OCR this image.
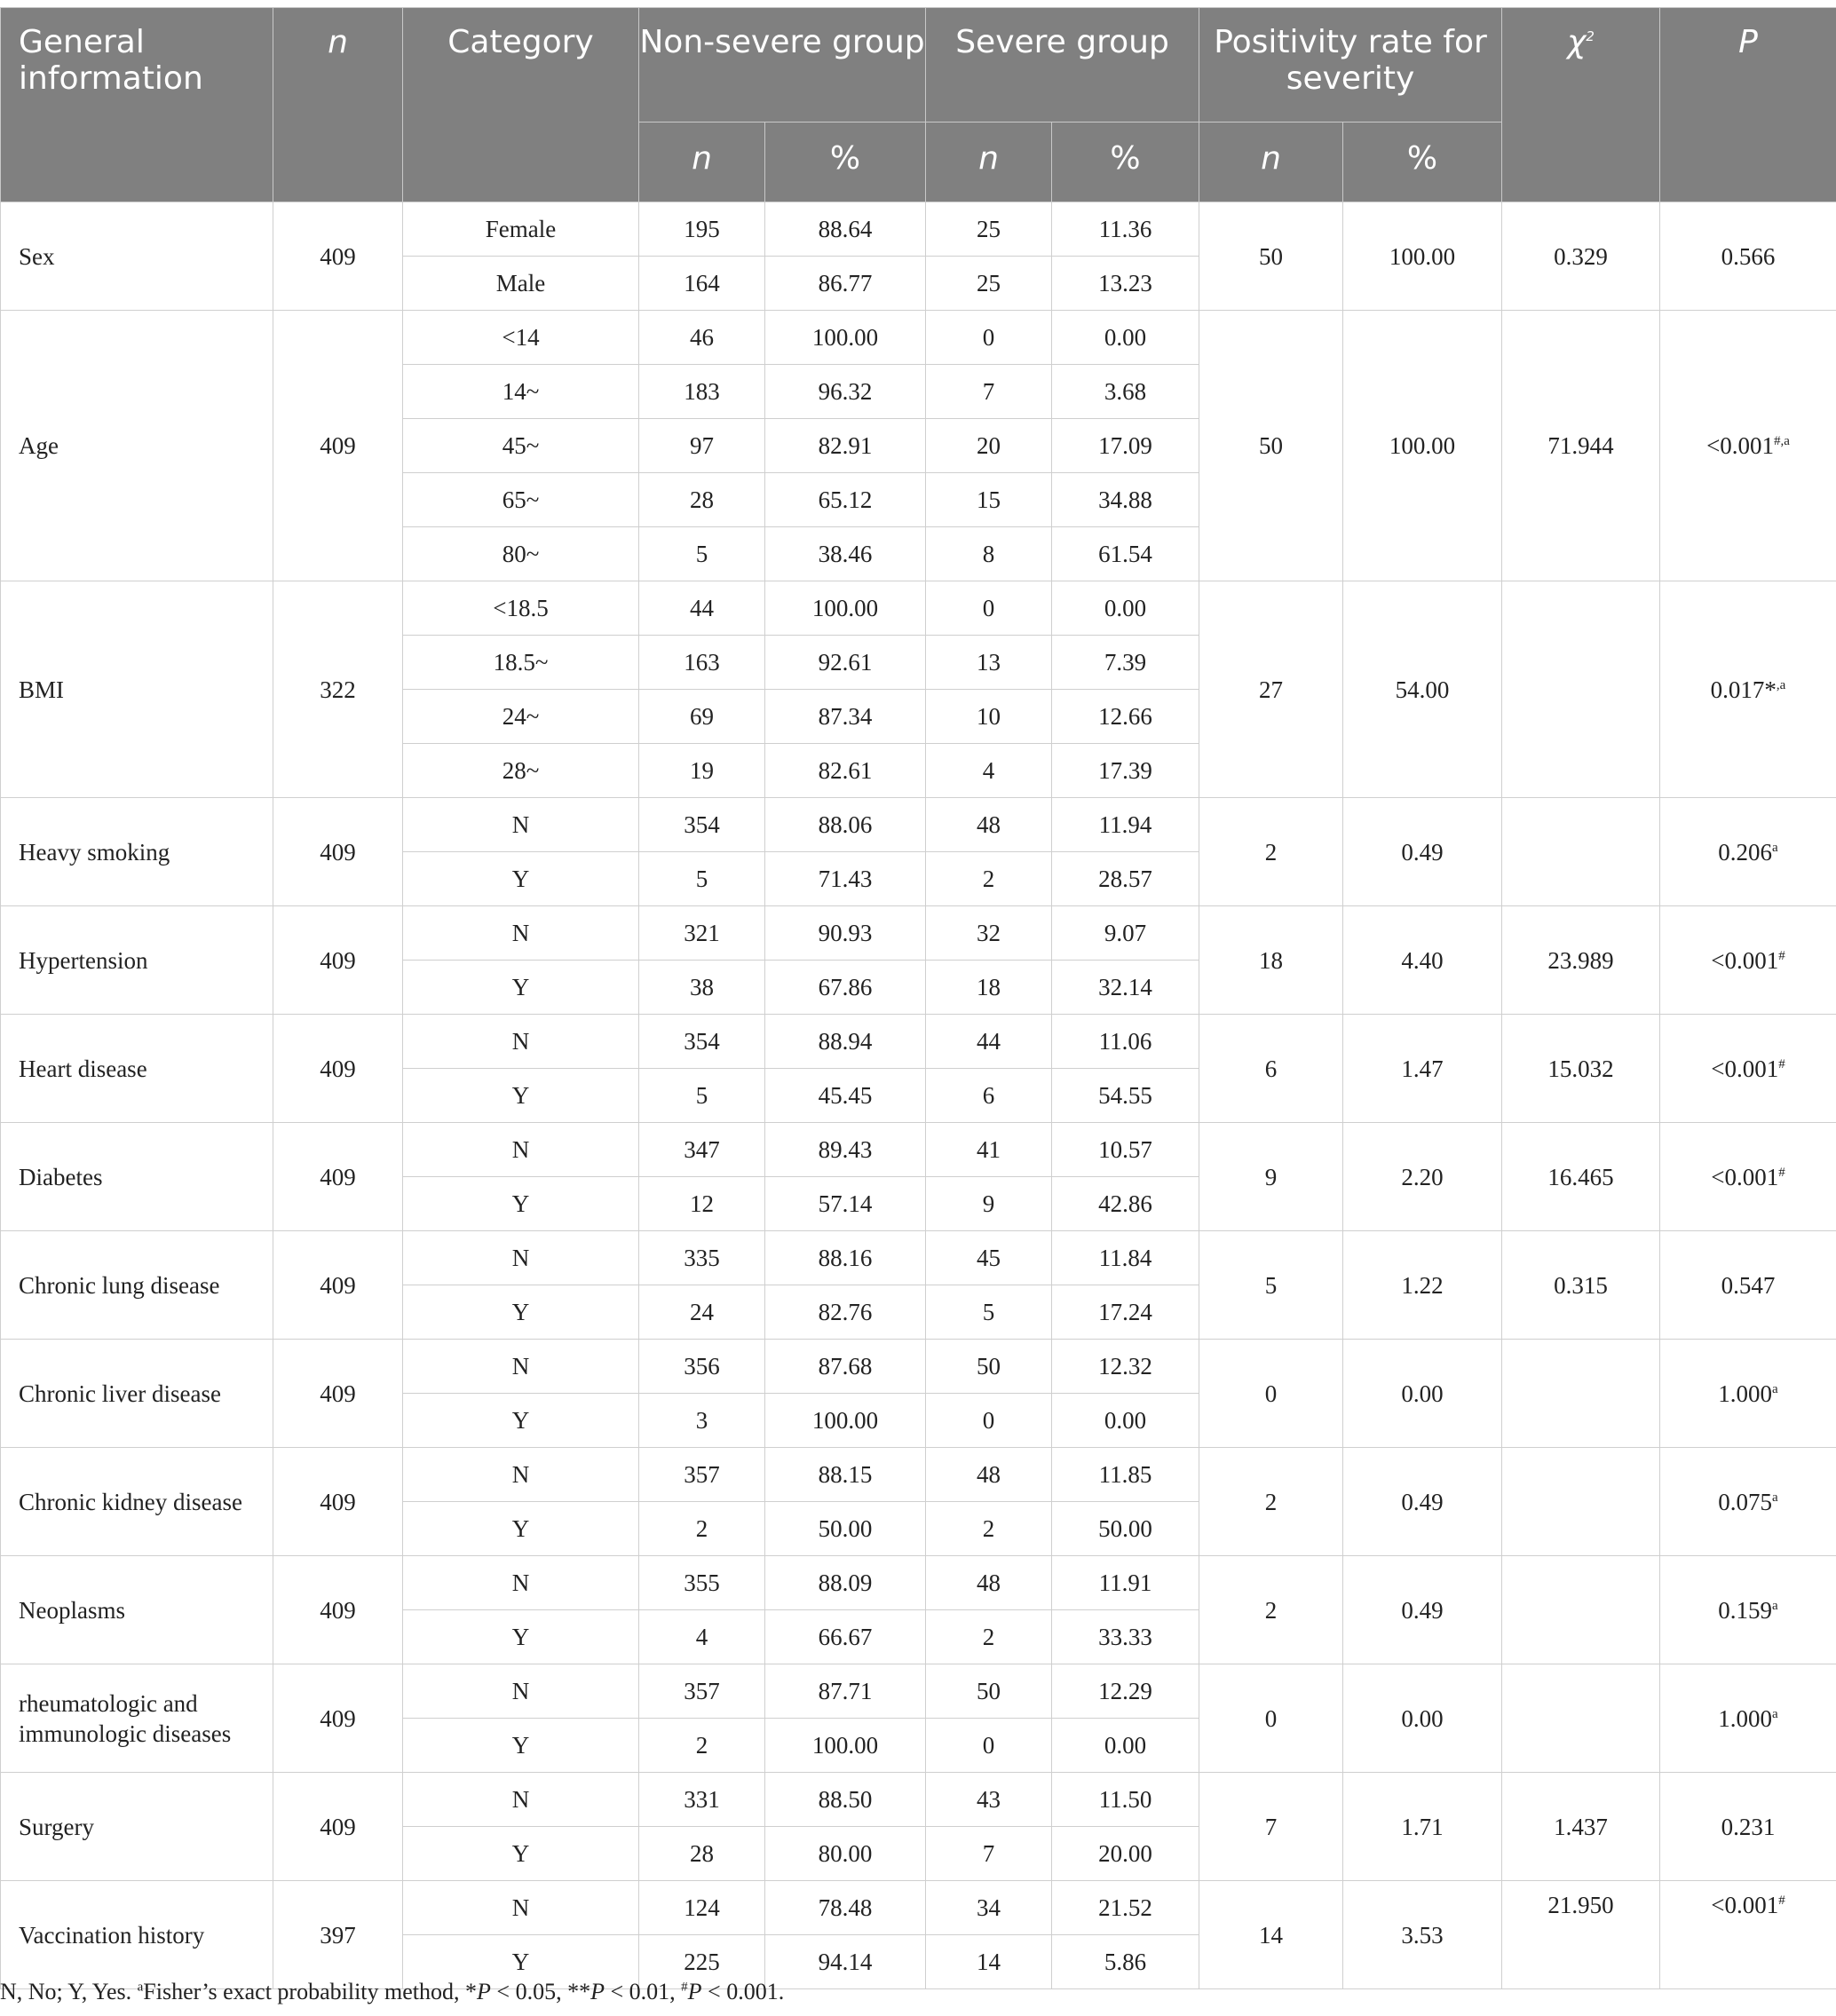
General information	n	Category	Non-severe group		Severe group		Positivity rate for severity		$\chi^2$	P
			n	%	n	%	n	%		
Sex	409	Female	195	88.64	25	11.36	50	100.00	0.329	0.566
		Male	164	86.77	25	13.23				
Age	409	<14	46	100.00	0	0.00	50	100.00	71.944	$<0.001^{\#,a}$
		14~	183	96.32	7	3.68				
		45~	97	82.91	20	17.09				
		65~	28	65.12	15	34.88				
		80~	5	38.46	8	61.54				
BMI	322	<18.5	44	100.00	0	0.00	27	54.00		0.017*$^{,a}$
		18.5~	163	92.61	13	7.39				
		24~	69	87.34	10	12.66				
		28~	19	82.61	4	17.39				
Heavy smoking	409	N	354	88.06	48	11.94	2	0.49		0.206$^a$
		Y	5	71.43	2	28.57				
Hypertension	409	N	321	90.93	32	9.07	18	4.40	23.989	<0.001#
		Y	38	67.86	18	32.14				
Heart disease	409	N	354	88.94	44	11.06	6	1.47	15.032	<0.001#
		Y	5	45.45	6	54.55				
Diabetes	409	N	347	89.43	41	10.57	9	2.20	16.465	<0.001#
		Y	12	57.14	9	42.86				
Chronic lung disease	409	N	335	88.16	45	11.84	5	1.22	0.315	0.547
		Y	24	82.76	5	17.24				
Chronic liver disease	409	N	356	87.68	50	12.32	0	0.00		1.000$^a$
		Y	3	100.00	0	0.00				
Chronic kidney disease	409	N	357	88.15	48	11.85	2	0.49		0.075$^a$
		Y	2	50.00	2	50.00				
Neoplasms	409	N	355	88.09	48	11.91	2	0.49		0.159$^a$
		Y	4	66.67	2	33.33				
rheumatologic and immunologic diseases	409	N	357	87.71	50	12.29	0	0.00		1.000$^a$
		Y	2	100.00	0	0.00				
Surgery	409	N	331	88.50	43	11.50	7	1.71	1.437	0.231
		Y	28	80.00	7	20.00				
Vaccination history	397	N	124	78.48	34	21.52	14	3.53	21.950	<0.001#
		Y	225	94.14	14	5.86				
N, No; Y, Yes. $^a$Fisher’s exact probability method, *P < 0.05, **P < 0.01, #P < 0.001.
